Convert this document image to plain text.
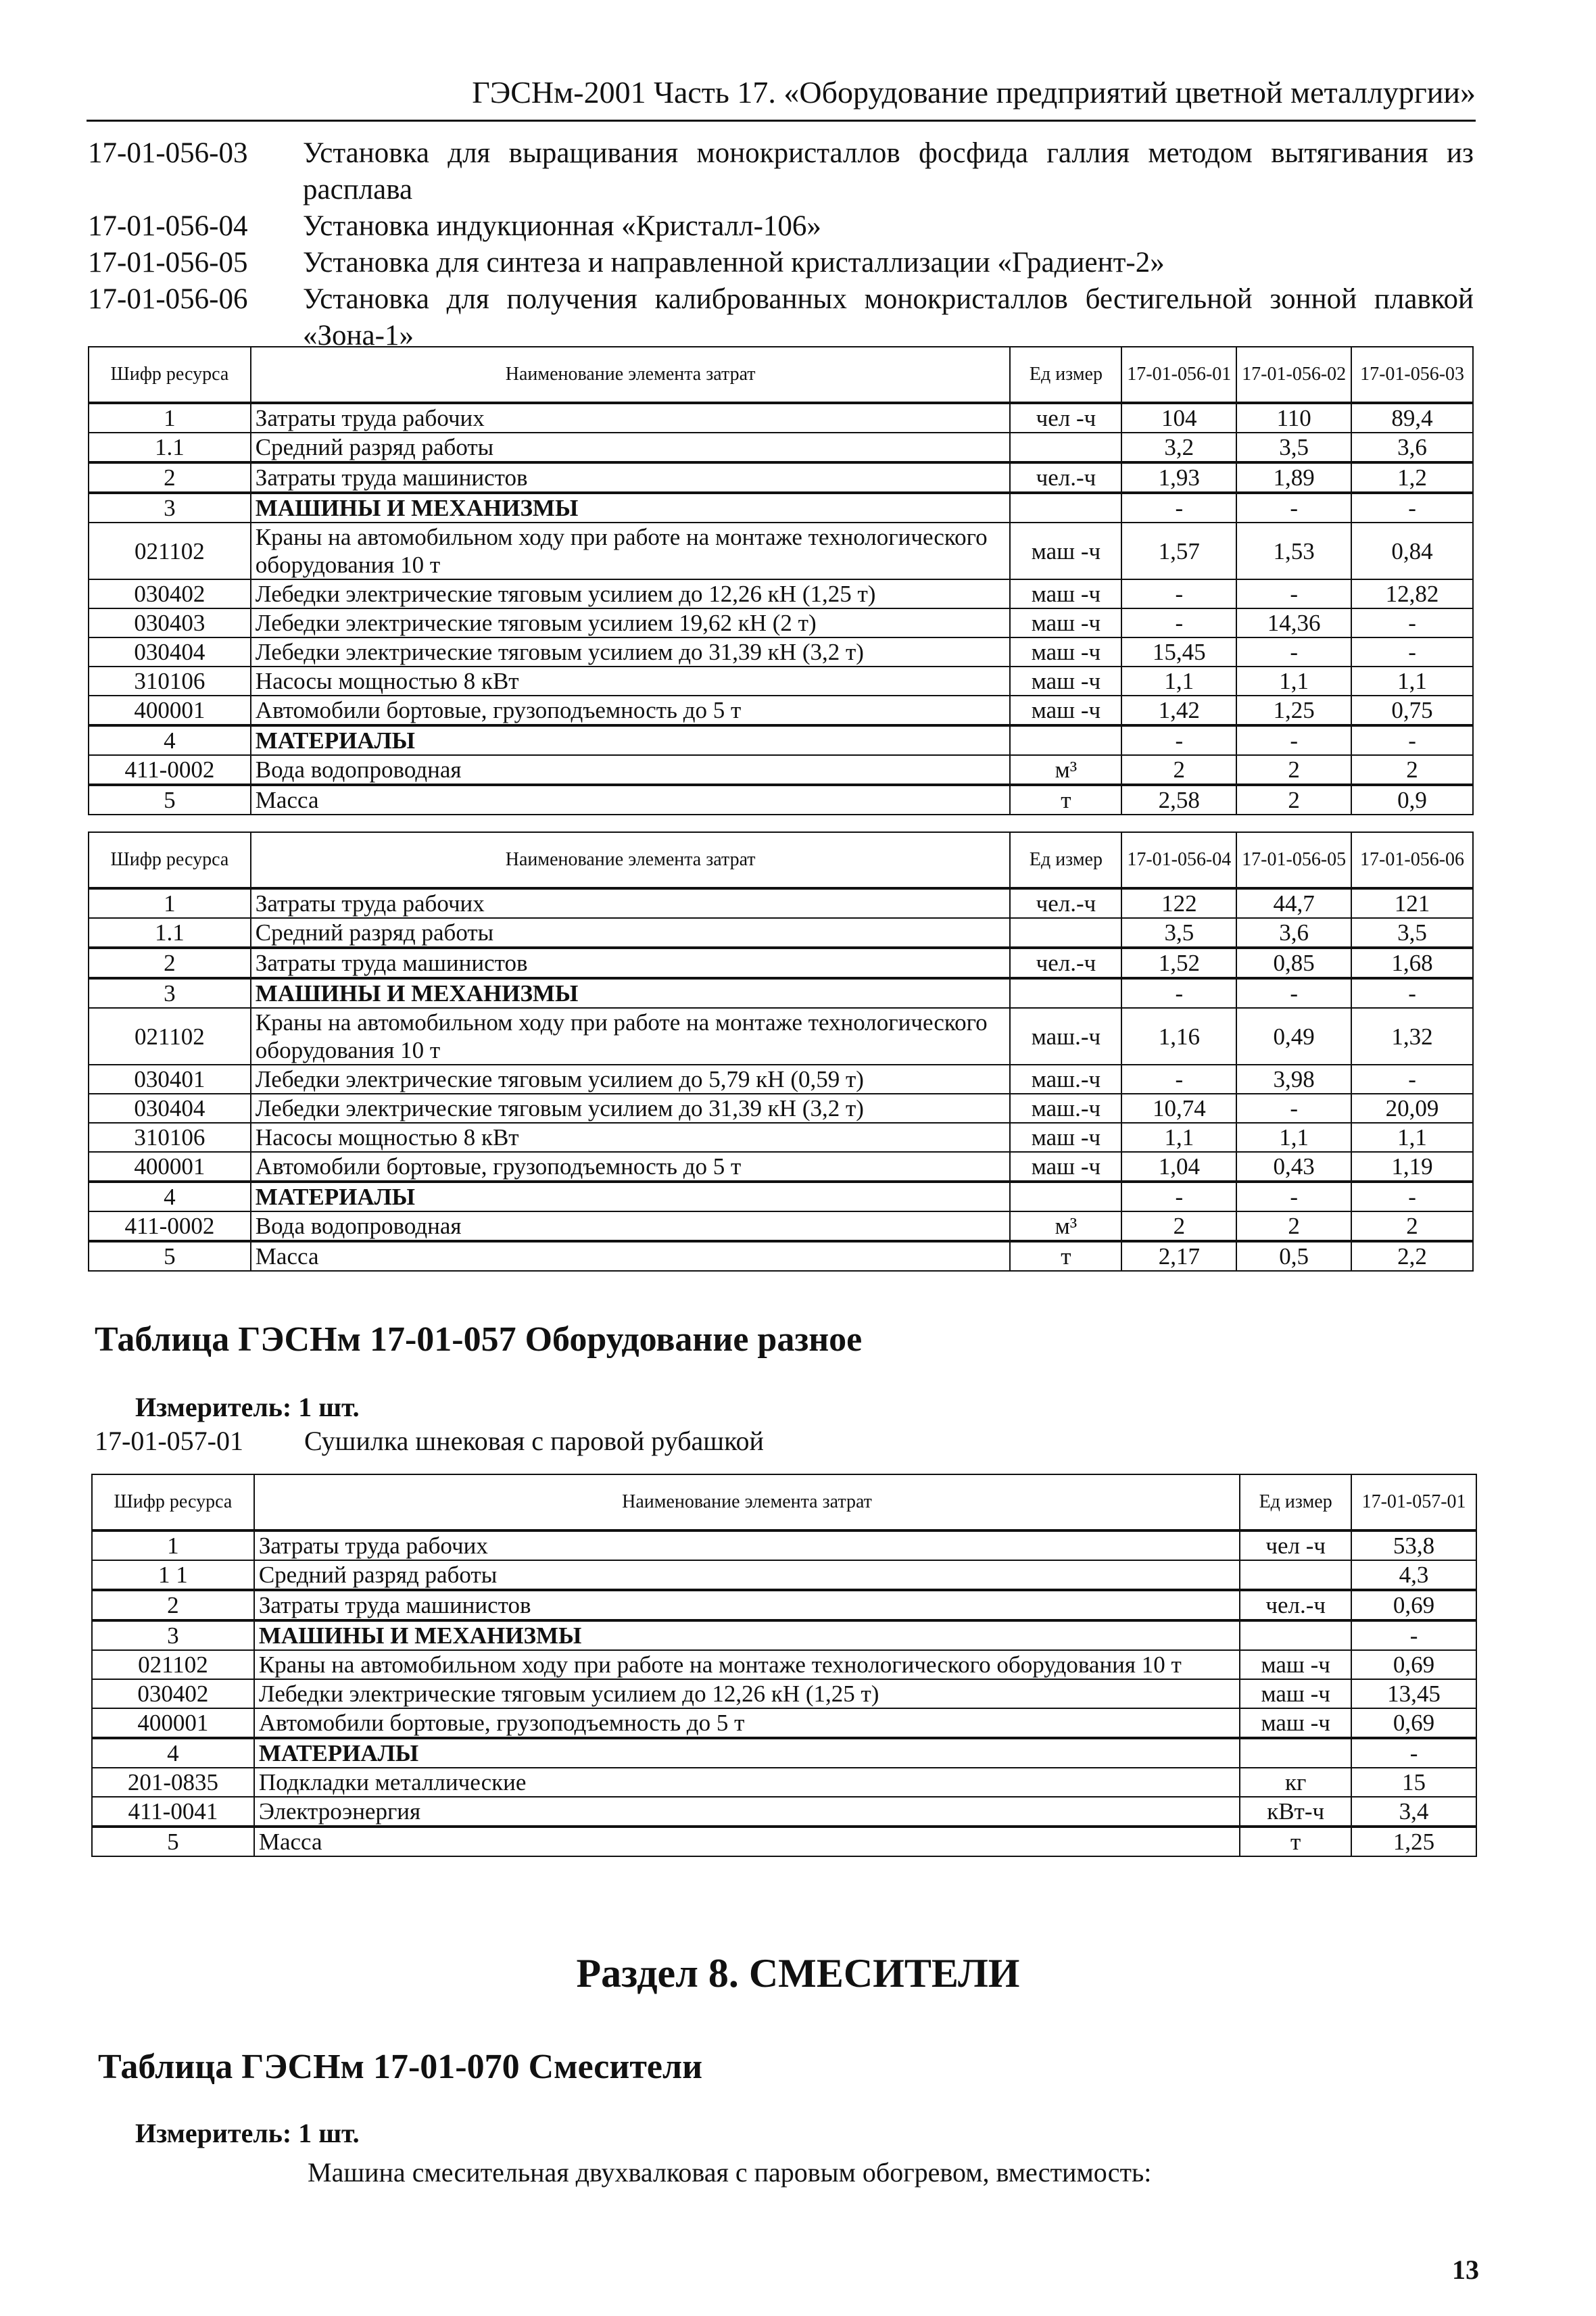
ГЭСНм-2001 Часть 17. «Оборудование предприятий цветной металлургии»
17-01-056-03	Установка для выращивания монокристаллов фосфида галлия методом вытягивания из расплава
17-01-056-04	Установка индукционная «Кристалл-106»
17-01-056-05	Установка для синтеза и направленной кристаллизации «Градиент-2»
17-01-056-06	Установка для получения калиброванных монокристаллов бестигельной зонной плавкой «Зона-1»
Шифр ресурса	Наименование элемента затрат	Ед измер	17-01-056-01	17-01-056-02	17-01-056-03
1	Затраты труда рабочих	чел -ч	104	110	89,4
1.1	Средний разряд работы		3,2	3,5	3,6
2	Затраты труда машинистов	чел.-ч	1,93	1,89	1,2
3	МАШИНЫ И МЕХАНИЗМЫ		-	-	-
021102	Краны на автомобильном ходу при работе на монтаже технологического оборудования 10 т	маш -ч	1,57	1,53	0,84
030402	Лебедки электрические тяговым усилием до 12,26 кН (1,25 т)	маш -ч	-	-	12,82
030403	Лебедки электрические тяговым усилием 19,62 кН (2 т)	маш -ч	-	14,36	-
030404	Лебедки электрические тяговым усилием до 31,39 кН (3,2 т)	маш -ч	15,45	-	-
310106	Насосы мощностью 8 кВт	маш -ч	1,1	1,1	1,1
400001	Автомобили бортовые, грузоподъемность до 5 т	маш -ч	1,42	1,25	0,75
4	МАТЕРИАЛЫ		-	-	-
411-0002	Вода водопроводная	м³	2	2	2
5	Масса	т	2,58	2	0,9
Шифр ресурса	Наименование элемента затрат	Ед измер	17-01-056-04	17-01-056-05	17-01-056-06
1	Затраты труда рабочих	чел.-ч	122	44,7	121
1.1	Средний разряд работы		3,5	3,6	3,5
2	Затраты труда машинистов	чел.-ч	1,52	0,85	1,68
3	МАШИНЫ И МЕХАНИЗМЫ		-	-	-
021102	Краны на автомобильном ходу при работе на монтаже технологического оборудования 10 т	маш.-ч	1,16	0,49	1,32
030401	Лебедки электрические тяговым усилием до 5,79 кН (0,59 т)	маш.-ч	-	3,98	-
030404	Лебедки электрические тяговым усилием до 31,39 кН (3,2 т)	маш.-ч	10,74	-	20,09
310106	Насосы мощностью 8 кВт	маш -ч	1,1	1,1	1,1
400001	Автомобили бортовые, грузоподъемность до 5 т	маш -ч	1,04	0,43	1,19
4	МАТЕРИАЛЫ		-	-	-
411-0002	Вода водопроводная	м³	2	2	2
5	Масса	т	2,17	0,5	2,2
Таблица ГЭСНм 17-01-057 Оборудование разное
Измеритель: 1 шт.
17-01-057-01	Сушилка шнековая с паровой рубашкой
Шифр ресурса	Наименование элемента затрат	Ед измер	17-01-057-01
1	Затраты труда рабочих	чел -ч	53,8
1 1	Средний разряд работы		4,3
2	Затраты труда машинистов	чел.-ч	0,69
3	МАШИНЫ И МЕХАНИЗМЫ		-
021102	Краны на автомобильном ходу при работе на монтаже технологического оборудования 10 т	маш -ч	0,69
030402	Лебедки электрические тяговым усилием до 12,26 кН (1,25 т)	маш -ч	13,45
400001	Автомобили бортовые, грузоподъемность до 5 т	маш -ч	0,69
4	МАТЕРИАЛЫ		-
201-0835	Подкладки металлические	кг	15
411-0041	Электроэнергия	кВт-ч	3,4
5	Масса	т	1,25
Раздел 8. СМЕСИТЕЛИ
Таблица ГЭСНм 17-01-070 Смесители
Измеритель: 1 шт.
Машина смесительная двухвалковая с паровым обогревом, вместимость:
13
